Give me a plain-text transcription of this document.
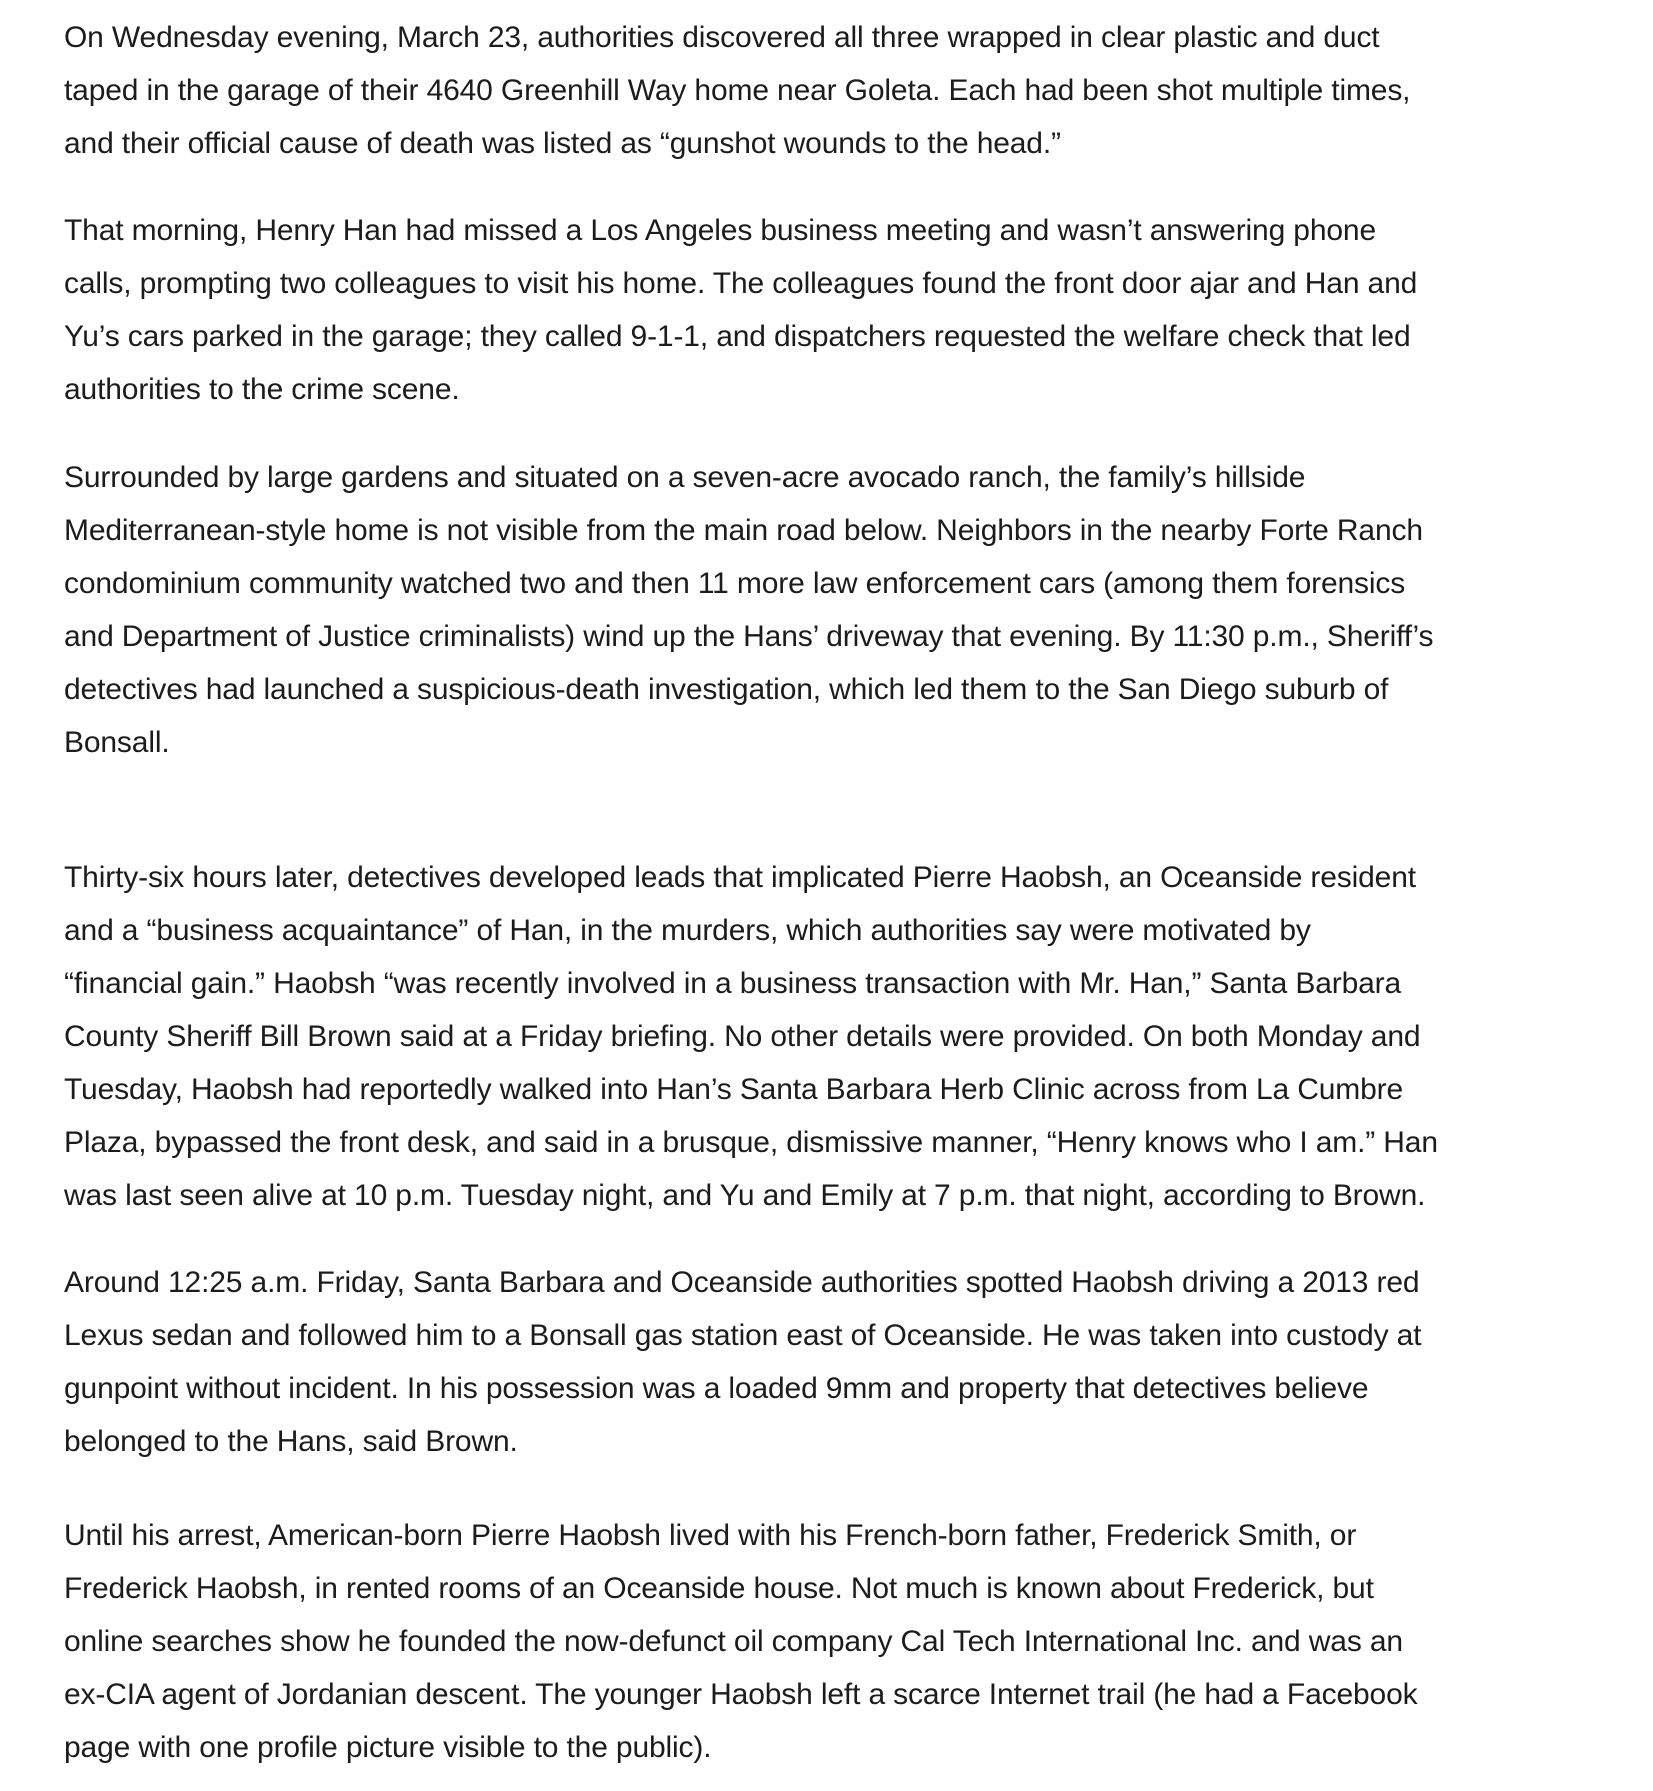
On Wednesday evening, March 23, authorities discovered all three wrapped in clear plastic and duct
taped in the garage of their 4640 Greenhill Way home near Goleta. Each had been shot multiple times,
and their official cause of death was listed as “gunshot wounds to the head.”

That morning, Henry Han had missed a Los Angeles business meeting and wasn’t answering phone
calls, prompting two colleagues to visit his home. The colleagues found the front door ajar and Han and
Yu’s cars parked in the garage; they called 9-1-1, and dispatchers requested the welfare check that led
authorities to the crime scene.

Surrounded by large gardens and situated on a seven-acre avocado ranch, the family’s hillside
Mediterranean-style home is not visible from the main road below. Neighbors in the nearby Forte Ranch
condominium community watched two and then 11 more law enforcement cars (among them forensics
and Department of Justice criminalists) wind up the Hans’ driveway that evening. By 11:30 p.m., Sheriff’s
detectives had launched a suspicious-death investigation, which led them to the San Diego suburb of
Bonsall.

Thirty-six hours later, detectives developed leads that implicated Pierre Haobsh, an Oceanside resident
and a “business acquaintance” of Han, in the murders, which authorities say were motivated by
“financial gain.” Haobsh “was recently involved in a business transaction with Mr. Han,” Santa Barbara
County Sheriff Bill Brown said at a Friday briefing. No other details were provided. On both Monday and
Tuesday, Haobsh had reportedly walked into Han’s Santa Barbara Herb Clinic across from La Cumbre
Plaza, bypassed the front desk, and said in a brusque, dismissive manner, “Henry knows who I am.” Han
was last seen alive at 10 p.m. Tuesday night, and Yu and Emily at 7 p.m. that night, according to Brown.

Around 12:25 a.m. Friday, Santa Barbara and Oceanside authorities spotted Haobsh driving a 2013 red
Lexus sedan and followed him to a Bonsall gas station east of Oceanside. He was taken into custody at
gunpoint without incident. In his possession was a loaded 9mm and property that detectives believe
belonged to the Hans, said Brown.

Until his arrest, American-born Pierre Haobsh lived with his French-born father, Frederick Smith, or
Frederick Haobsh, in rented rooms of an Oceanside house. Not much is known about Frederick, but
online searches show he founded the now-defunct oil company Cal Tech International Inc. and was an
ex-CIA agent of Jordanian descent. The younger Haobsh left a scarce Internet trail (he had a Facebook
page with one profile picture visible to the public).
